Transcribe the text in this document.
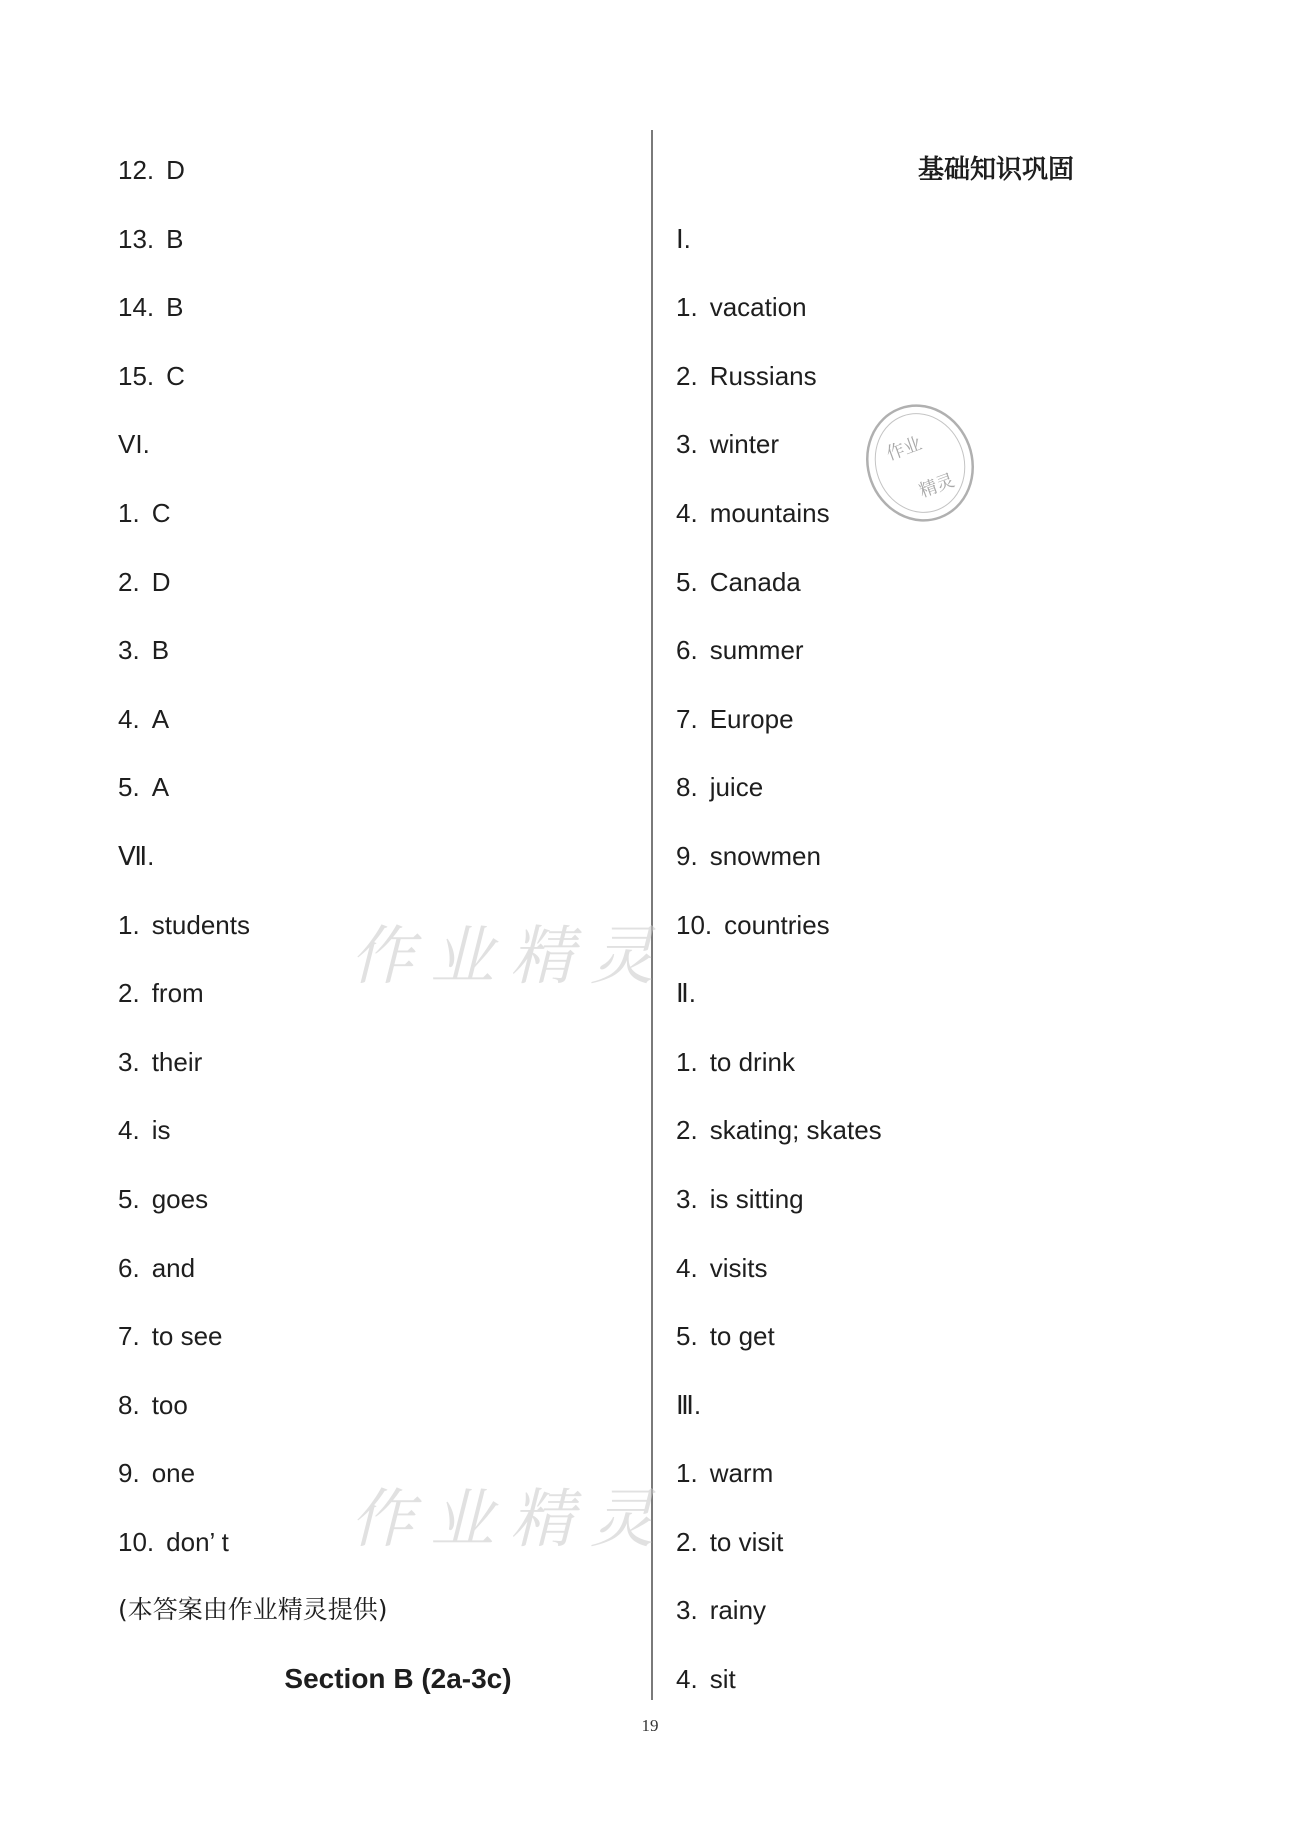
12. D
13. B
14. B
15. C
VI.
1. C
2. D
3. B
4. A
5. A
Ⅶ.
1. students
2. from
3. their
4. is
5. goes
6. and
7. to see
8. too
9. one
10. don’ t
(本答案由作业精灵提供)
Section B (2a-3c)
基础知识巩固
Ⅰ.
1. vacation
2. Russians
3. winter
4. mountains
5. Canada
6. summer
7. Europe
8. juice
9. snowmen
10. countries
Ⅱ.
1. to drink
2. skating; skates
3. is sitting
4. visits
5. to get
Ⅲ.
1. warm
2. to visit
3. rainy
4. sit
作业精灵
作业精灵
作业
精灵
19
